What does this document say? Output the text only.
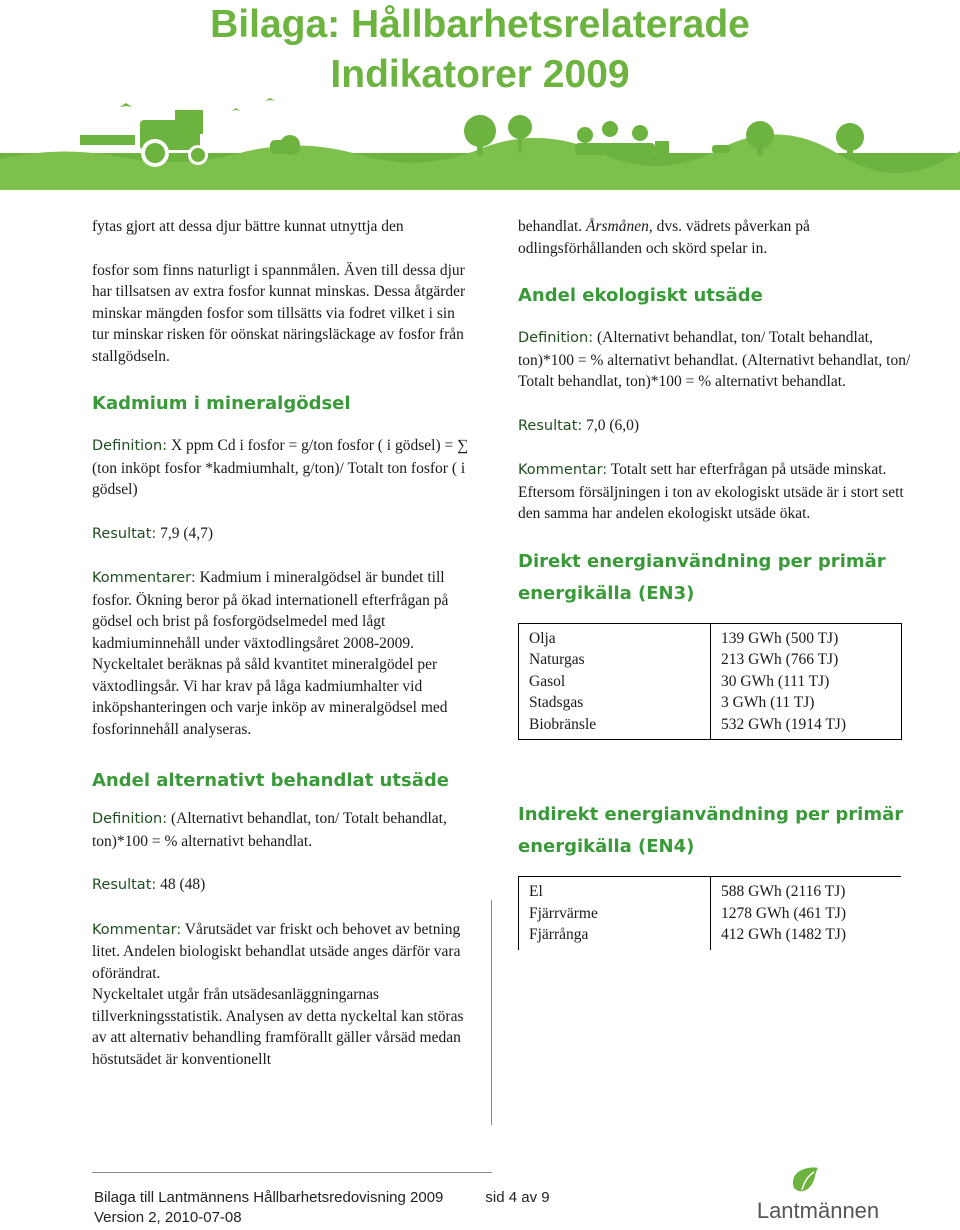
Bilaga: Hållbarhetsrelaterade
Indikatorer 2009

fytas gjort att dessa djur bättre kunnat utnyttja den

fosfor som finns naturligt i spannmålen. Även till dessa djur har tillsatsen av extra fosfor kunnat minskas. Dessa åtgärder minskar mängden fosfor som tillsätts via fodret vilket i sin tur minskar risken för oönskat näringsläckage av fosfor från stallgödseln.

Kadmium i mineralgödsel

Definition: X ppm Cd i fosfor = g/ton fosfor ( i gödsel) = ∑ (ton inköpt fosfor *kadmiumhalt, g/ton)/ Totalt ton fosfor ( i gödsel)

Resultat: 7,9 (4,7)

Kommentarer: Kadmium i mineralgödsel är bundet till fosfor. Ökning beror på ökad internationell efterfrågan på gödsel och brist på fosforgödselmedel med lågt kadmiuminnehåll under växtodlingsåret 2008-2009. Nyckeltalet beräknas på såld kvantitet mineralgödel per växtodlingsår. Vi har krav på låga kadmiumhalter vid inköpshanteringen och varje inköp av mineralgödsel med fosforinnehåll analyseras.

Andel alternativt behandlat utsäde

Definition: (Alternativt behandlat, ton/ Totalt behandlat, ton)*100 = % alternativt behandlat.

Resultat: 48 (48)

Kommentar: Vårutsädet var friskt och behovet av betning litet. Andelen biologiskt behandlat utsäde anges därför vara oförändrat.

Nyckeltalet utgår från utsädesanläggningarnas tillverkningsstatistik. Analysen av detta nyckeltal kan störas av att alternativ behandling framförallt gäller vårsäd medan höstutsädet är konventionellt

behandlat. Årsmånen, dvs. vädrets påverkan på odlingsförhållanden och skörd spelar in.

Andel ekologiskt utsäde

Definition: (Alternativt behandlat, ton/ Totalt behandlat, ton)*100 = % alternativt behandlat. (Alternativt behandlat, ton/ Totalt behandlat, ton)*100 = % alternativt behandlat.

Resultat: 7,0 (6,0)

Kommentar: Totalt sett har efterfrågan på utsäde minskat. Eftersom försäljningen i ton av ekologiskt utsäde är i stort sett den samma har andelen ekologiskt utsäde ökat.

Direkt energianvändning per primär
energikälla (EN3)
Olja	139 GWh (500 TJ)
Naturgas	213 GWh (766 TJ)
Gasol	30 GWh (111 TJ)
Stadsgas	3 GWh (11 TJ)
Biobränsle	532 GWh (1914 TJ)
Indirekt energianvändning per primär
energikälla (EN4)
El	588 GWh (2116 TJ)
Fjärrvärme	1278 GWh (461 TJ)
Fjärrånga	412 GWh (1482 TJ)
Bilaga till Lantmännens Hållbarhetsredovisning 2009	sid 4 av 9
Version 2, 2010-07-08	Lantmännen
